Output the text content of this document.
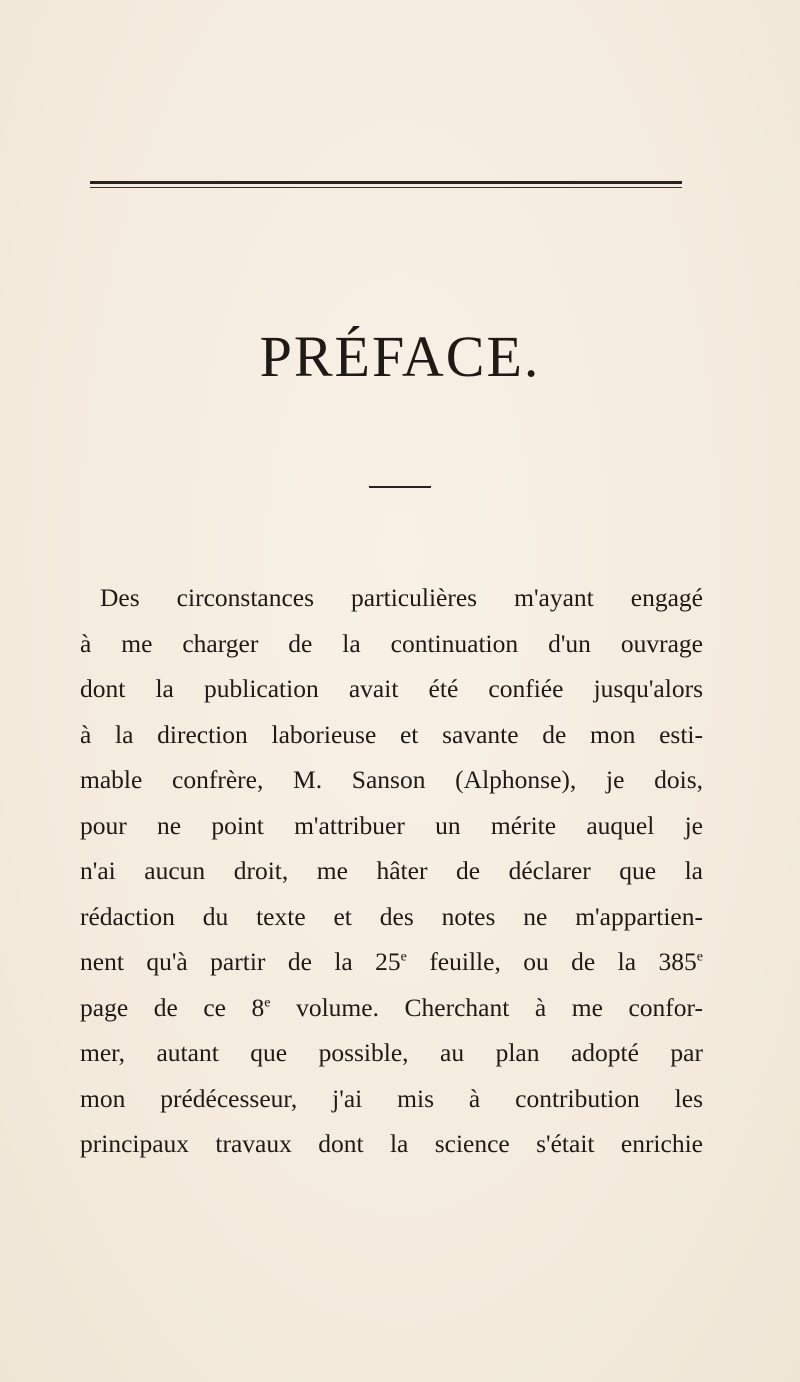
PRÉFACE.
Des circonstances particulières m'ayant engagé
à me charger de la continuation d'un ouvrage
dont la publication avait été confiée jusqu'alors
à la direction laborieuse et savante de mon esti-
mable confrère, M. Sanson (Alphonse), je dois,
pour ne point m'attribuer un mérite auquel je
n'ai aucun droit, me hâter de déclarer que la
rédaction du texte et des notes ne m'appartien-
nent qu'à partir de la 25e feuille, ou de la 385e
page de ce 8e volume. Cherchant à me confor-
mer, autant que possible, au plan adopté par
mon prédécesseur, j'ai mis à contribution les
principaux travaux dont la science s'était enrichie
